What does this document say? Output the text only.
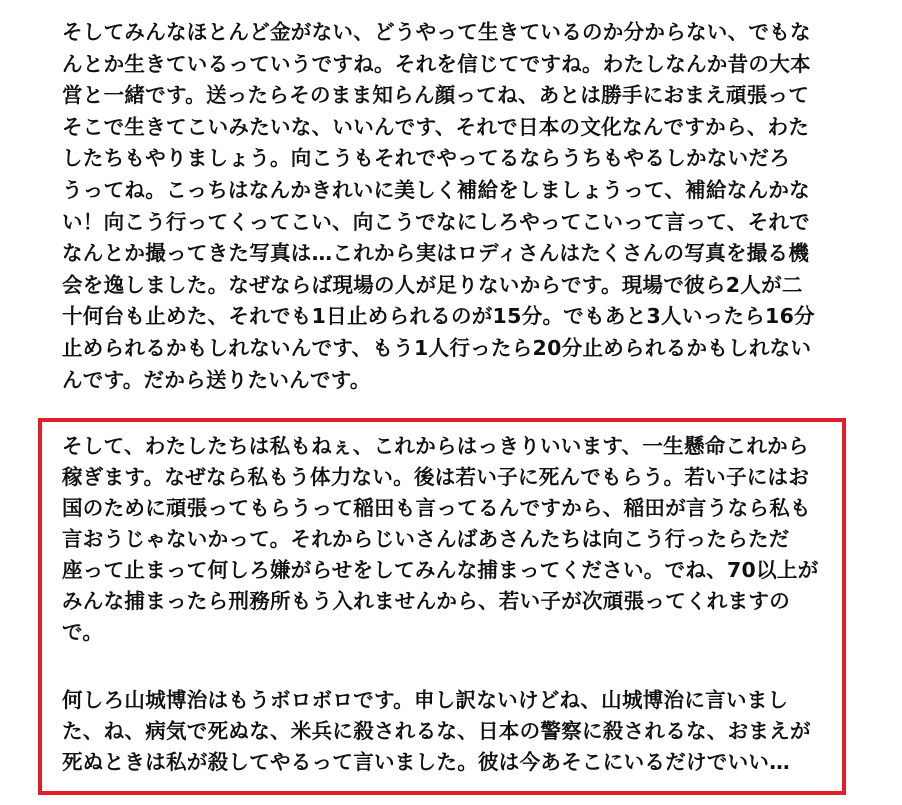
そしてみんなほとんど金がない、どうやって生きているのか分からない、でもな
んとか生きているっていうですね。それを信じてですね。わたしなんか昔の大本
営と一緒です。送ったらそのまま知らん顔ってね、あとは勝手におまえ頑張って
そこで生きてこいみたいな、いいんです、それで日本の文化なんですから、わた
したちもやりましょう。向こうもそれでやってるならうちもやるしかないだろ
うってね。こっちはなんかきれいに美しく補給をしましょうって、補給なんかな
い！向こう行ってくってこい、向こうでなにしろやってこいって言って、それで
なんとか撮ってきた写真は…これから実はロディさんはたくさんの写真を撮る機
会を逸しました。なぜならば現場の人が足りないからです。現場で彼ら2人が二
十何台も止めた、それでも1日止められるのが15分。でもあと3人いったら16分
止められるかもしれないんです、もう1人行ったら20分止められるかもしれない
んです。だから送りたいんです。
そして、わたしたちは私もねぇ、これからはっきりいいます、一生懸命これから
稼ぎます。なぜなら私もう体力ない。後は若い子に死んでもらう。若い子にはお
国のために頑張ってもらうって稲田も言ってるんですから、稲田が言うなら私も
言おうじゃないかって。それからじいさんばあさんたちは向こう行ったらただ
座って止まって何しろ嫌がらせをしてみんな捕まってください。でね、70以上が
みんな捕まったら刑務所もう入れませんから、若い子が次頑張ってくれますの
で。
何しろ山城博治はもうボロボロです。申し訳ないけどね、山城博治に言いまし
た、ね、病気で死ぬな、米兵に殺されるな、日本の警察に殺されるな、おまえが
死ぬときは私が殺してやるって言いました。彼は今あそこにいるだけでいい…
